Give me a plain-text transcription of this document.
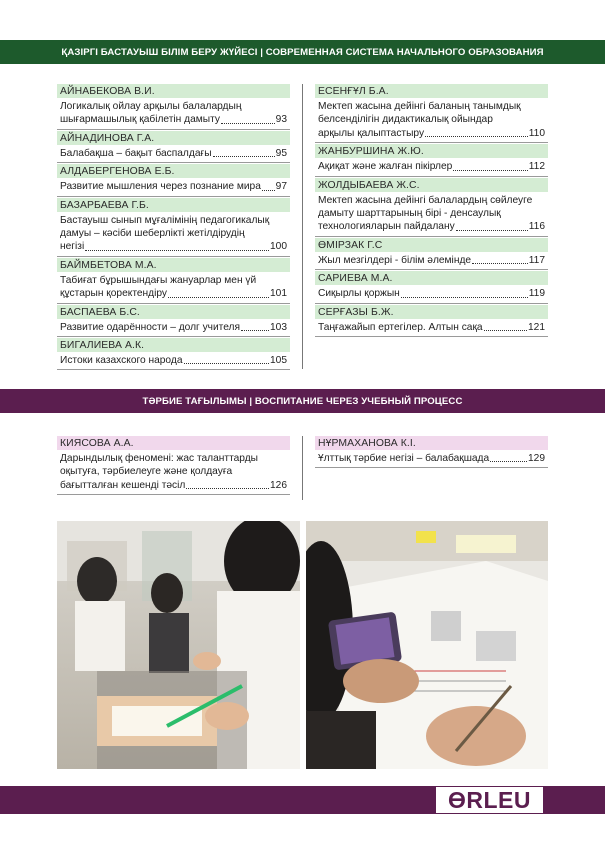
ҚАЗІРГІ БАСТАУЫШ БІЛІМ БЕРУ ЖҮЙЕСІ | СОВРЕМЕННАЯ СИСТЕМА НАЧАЛЬНОГО ОБРАЗОВАНИЯ
АЙНАБЕКОВА В.И.
Логикалық ойлау арқылы балалардың
шығармашылық қабілетін дамыту	93
АЙНАДИНОВА Г.А.
Балабақша – бақыт баспалдағы	95
АЛДАБЕРГЕНОВА Е.Б.
Развитие мышления через познание мира 97
БАЗАРБАЕВА Г.Б.
Бастауыш сынып мұғалімінің педагогикалық
дамуы – кәсіби шеберлікті жетілдірудің
негізі	100
БАЙМБЕТОВА М.А.
Табиғат бұрышындағы жануарлар мен үй
құстарын қоректендіру	101
БАСПАЕВА Б.С.
Развитие одарённости – долг учителя	103
БИГАЛИЕВА А.К.
Истоки казахского народа	105
ЕСЕНҒҰЛ Б.А.
Мектеп жасына дейінгі баланың танымдық
белсенділігін дидактикалық ойындар
арқылы қалыптастыру	110
ЖАНБУРШИНА Ж.Ю.
Ақиқат және жалған пікірлер	112
ЖОЛДЫБАЕВА Ж.С.
Мектеп жасына дейінгі балалардың сөйлеуге
дамыту шарттарының бірі - денсаулық
технологияларын пайдалану	116
ӨМІРЗАК Г.С
Жыл мезгілдері - білім әлемінде	117
САРИЕВА М.А.
Сиқырлы қоржын	119
СЕРҒАЗЫ Б.Ж.
Таңғажайып ертегілер. Алтын сақа	121
ТӘРБИЕ ТАҒЫЛЫМЫ | ВОСПИТАНИЕ ЧЕРЕЗ УЧЕБНЫЙ ПРОЦЕСС
КИЯСОВА А.А.
Дарындылық феномені: жас таланттарды
оқытуға, тәрбиелеуге және қолдауға
бағытталған кешенді тәсіл	126
НҰРМАХАНОВА К.І.
Ұлттық тәрбие негізі – балабақшада	129
ӨRLEU
